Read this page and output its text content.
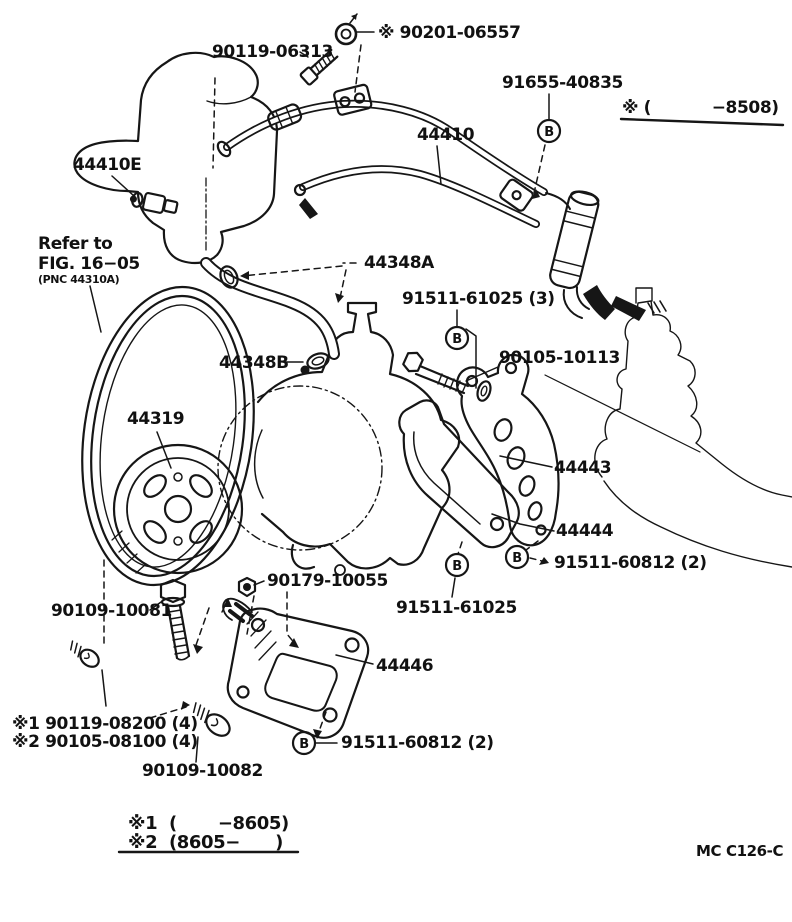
※ 90201-06557
90119-06313
91655-40835
※ (           −8508)
44410
44410E
Refer to
FIG. 16−05
(PNC 44310A)
44348A
91511-61025 (3)
90105-10113
44348B
44319
44443
44444
91511-60812 (2)
90179-10055
91511-61025
90109-10081
44446
※1 90119-08200 (4)
※2 90105-08100 (4)
90109-10082
91511-60812 (2)
※1  (       −8605)
※2  (8605−      )	MC C126-C
B
B
B
B
B
